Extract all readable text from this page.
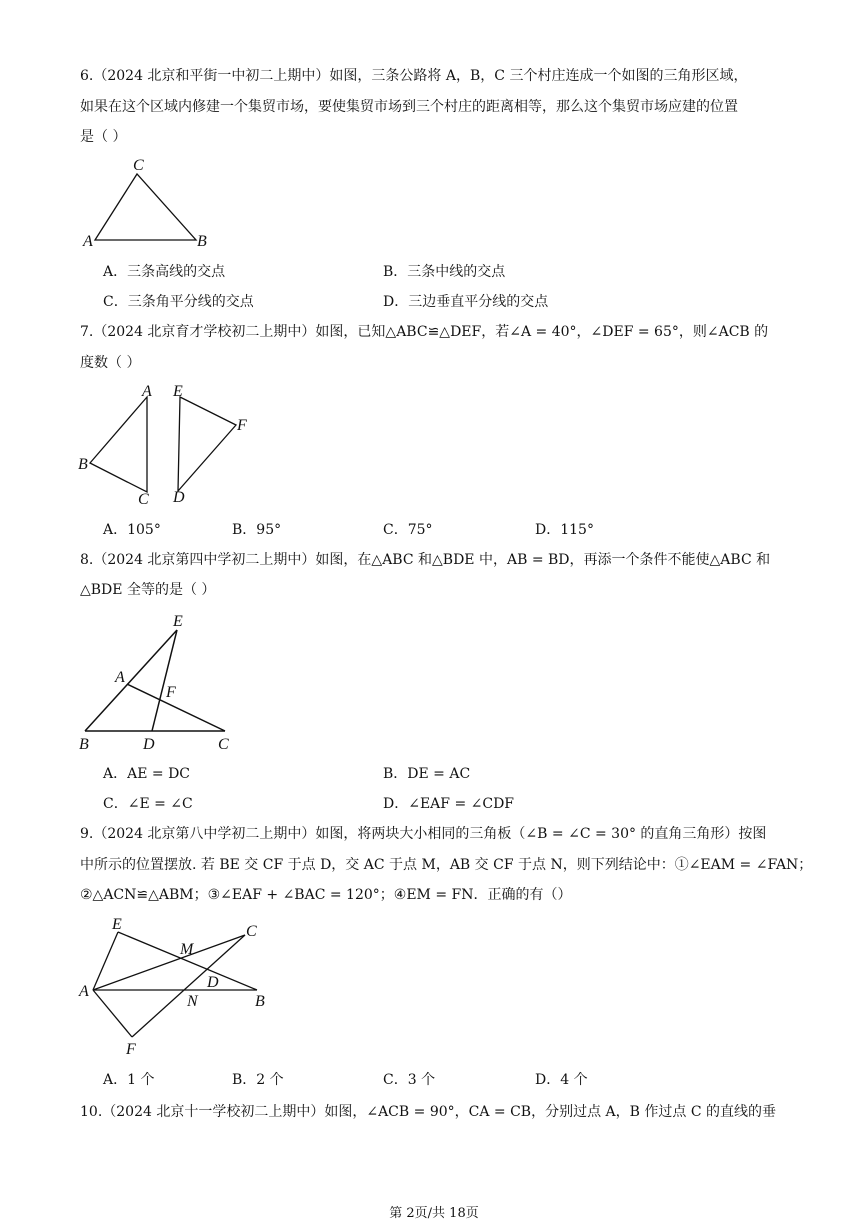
6.（2024 北京和平街一中初二上期中）如图，三条公路将 A，B，C 三个村庄连成一个如图的三角形区域，
如果在这个区域内修建一个集贸市场，要使集贸市场到三个村庄的距离相等，那么这个集贸市场应建的位置
是（ ）
C
A	B
A．三条高线的交点	B．三条中线的交点
C．三条角平分线的交点	D．三边垂直平分线的交点
7.（2024 北京育才学校初二上期中）如图，已知△ABC≌△DEF，若∠A = 40°，∠DEF = 65°，则∠ACB 的
度数（ ）
A
B
C
E
F
D
A．105°	B．95°	C．75°	D．115°
8.（2024 北京第四中学初二上期中）如图，在△ABC 和△BDE 中，AB = BD，再添一个条件不能使△ABC 和
△BDE 全等的是（ ）
E
A
F
B	D	C
A．AE = DC	B．DE = AC
C．∠E = ∠C	D．∠EAF = ∠CDF
9.（2024 北京第八中学初二上期中）如图，将两块大小相同的三角板（∠B = ∠C = 30° 的直角三角形）按图
中所示的位置摆放. 若 BE 交 CF 于点 D，交 AC 于点 M，AB 交 CF 于点 N，则下列结论中：①∠EAM = ∠FAN；
②△ACN≌△ABM；③∠EAF + ∠BAC = 120°；④EM = FN．正确的有（）
E	C
M
D
A
N	B
F
A．1 个	B．2 个	C．3 个	D．4 个
10.（2024 北京十一学校初二上期中）如图，∠ACB = 90°，CA = CB，分别过点 A，B 作过点 C 的直线的垂
第 2页/共 18页
